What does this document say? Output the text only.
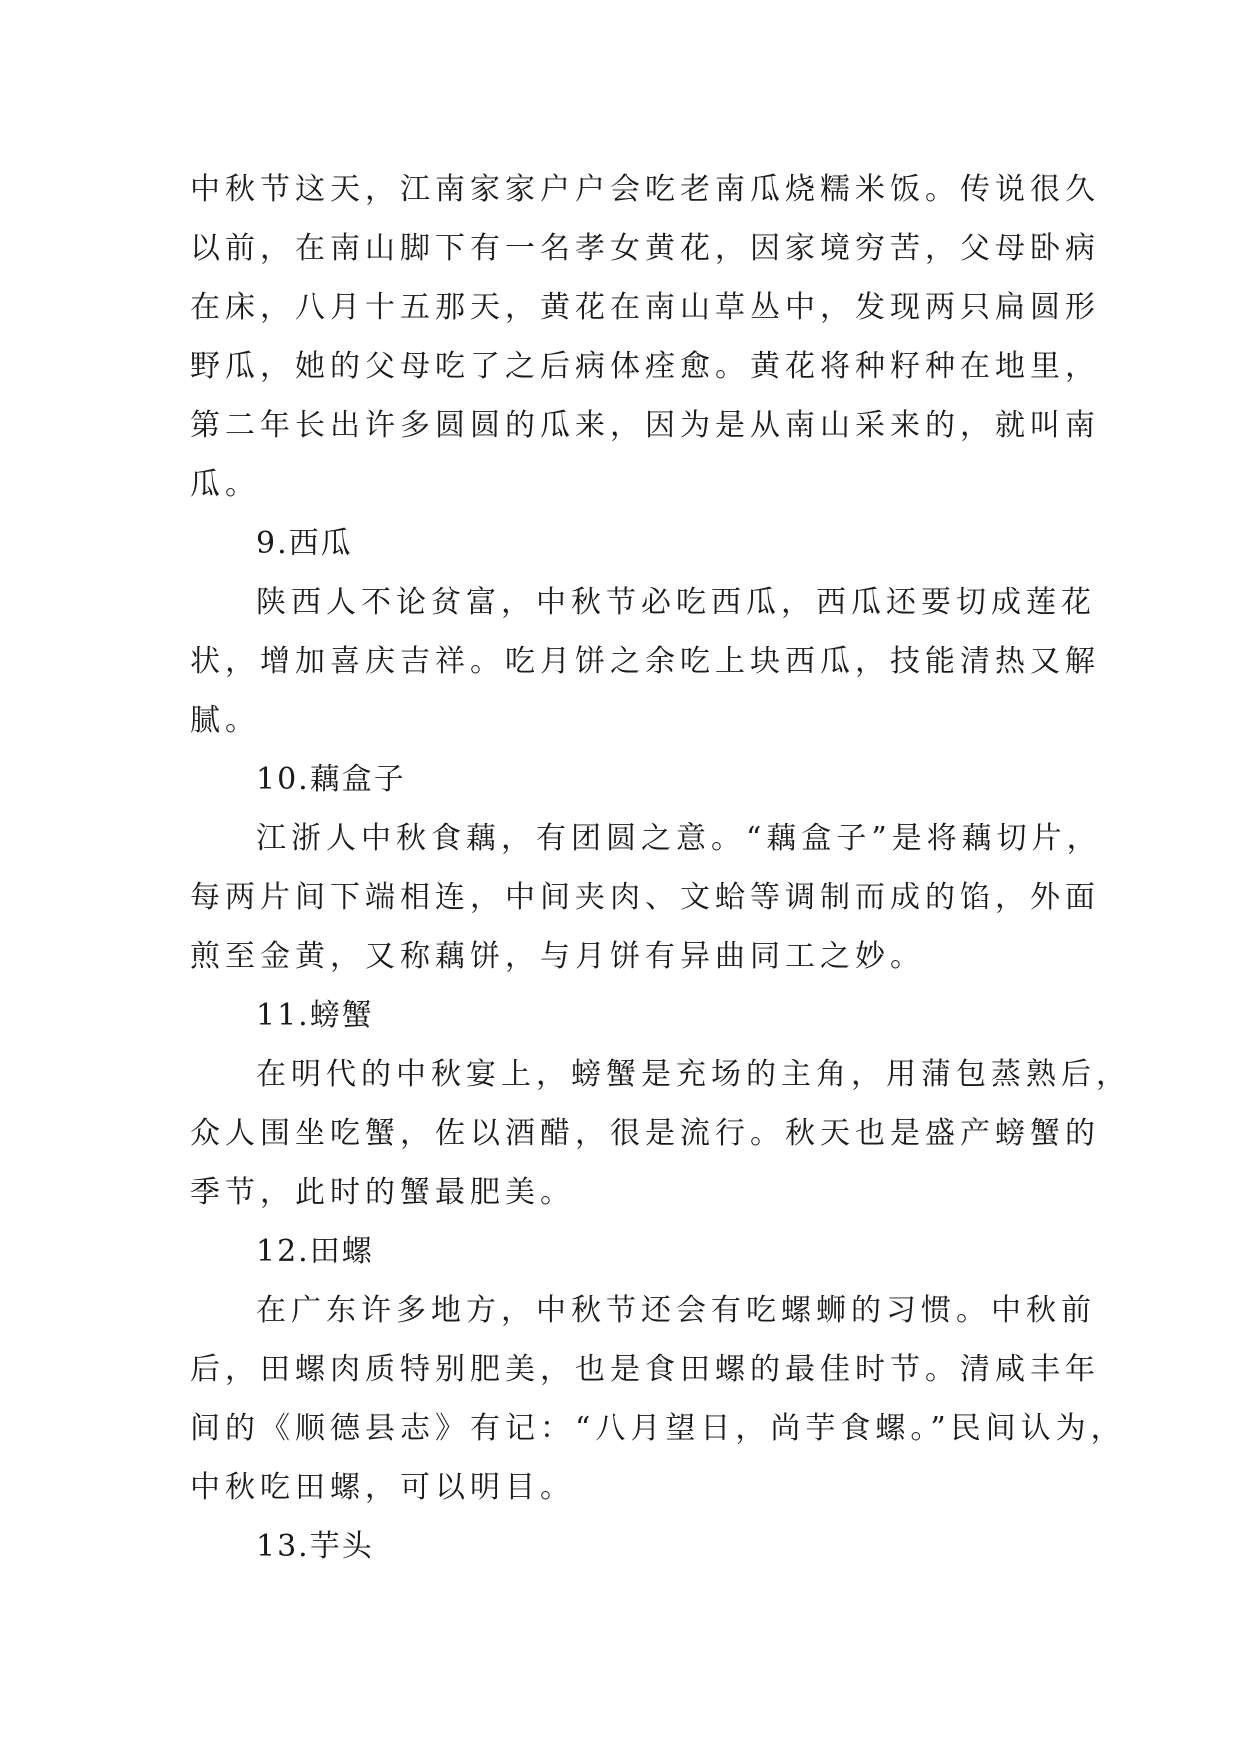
中秋节这天，江南家家户户会吃老南瓜烧糯米饭。传说很久
以前，在南山脚下有一名孝女黄花，因家境穷苦，父母卧病
在床，八月十五那天，黄花在南山草丛中，发现两只扁圆形
野瓜，她的父母吃了之后病体痊愈。黄花将种籽种在地里，
第二年长出许多圆圆的瓜来，因为是从南山采来的，就叫南
瓜。
9.西瓜
陕西人不论贫富，中秋节必吃西瓜，西瓜还要切成莲花
状，增加喜庆吉祥。吃月饼之余吃上块西瓜，技能清热又解
腻。
10.藕盒子
江浙人中秋食藕，有团圆之意。“藕盒子”是将藕切片，
每两片间下端相连，中间夹肉、文蛤等调制而成的馅，外面
煎至金黄，又称藕饼，与月饼有异曲同工之妙。
11.螃蟹
在明代的中秋宴上，螃蟹是充场的主角，用蒲包蒸熟后，
众人围坐吃蟹，佐以酒醋，很是流行。秋天也是盛产螃蟹的
季节，此时的蟹最肥美。
12.田螺
在广东许多地方，中秋节还会有吃螺蛳的习惯。中秋前
后，田螺肉质特别肥美，也是食田螺的最佳时节。清咸丰年
间的《顺德县志》有记：“八月望日，尚芋食螺。”民间认为，
中秋吃田螺，可以明目。
13.芋头
